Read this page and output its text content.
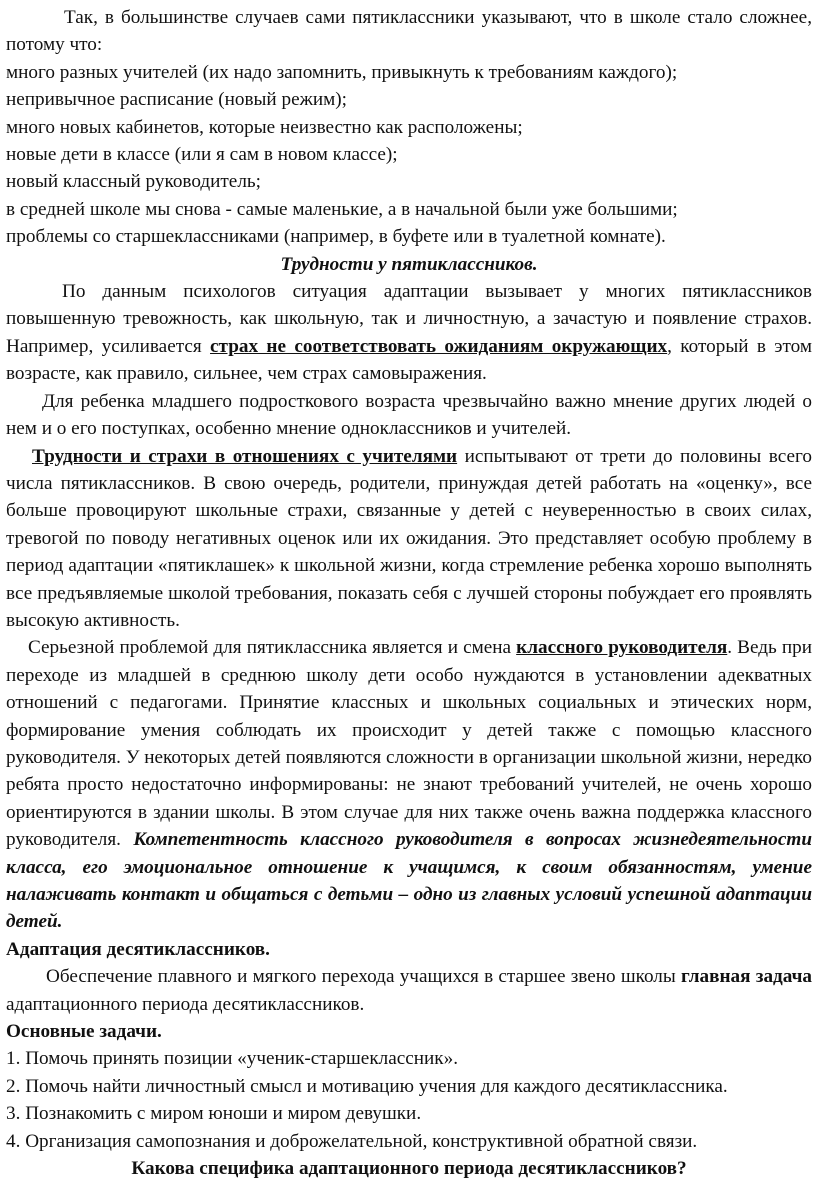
Так, в большинстве случаев сами пятиклассники указывают, что в школе стало сложнее, потому что:

много разных учителей (их надо запомнить, привыкнуть к требованиям каждого);

непривычное расписание (новый режим);

много новых кабинетов, которые неизвестно как расположены;

новые дети в классе (или я сам в новом классе);

новый классный руководитель;

в средней школе мы снова - самые маленькие, а в начальной были уже большими;

проблемы со старшеклассниками (например, в буфете или в туалетной комнате).

Трудности у пятиклассников.

По данным психологов ситуация адаптации вызывает у многих пятиклассников повышенную тревожность, как школьную, так и личностную, а зачастую и появление страхов. Например, усиливается страх не соответствовать ожиданиям окружающих, который в этом возрасте, как правило, сильнее, чем страх самовыражения.

Для ребенка младшего подросткового возраста чрезвычайно важно мнение других людей о нем и о его поступках, особенно мнение одноклассников и учителей.

Трудности и страхи в отношениях с учителями испытывают от трети до половины всего числа пятиклассников. В свою очередь, родители, принуждая детей работать на «оценку», все больше провоцируют школьные страхи, связанные у детей с неуверенностью в своих силах, тревогой по поводу негативных оценок или их ожидания. Это представляет особую проблему в период адаптации «пятиклашек» к школьной жизни, когда стремление ребенка хорошо выполнять все предъявляемые школой требования, показать себя с лучшей стороны побуждает его проявлять высокую активность.

Серьезной проблемой для пятиклассника является и смена классного руководителя. Ведь при переходе из младшей в среднюю школу дети особо нуждаются в установлении адекватных отношений с педагогами. Принятие классных и школьных социальных и этических норм, формирование умения соблюдать их происходит у детей также с помощью классного руководителя. У некоторых детей появляются сложности в организации школьной жизни, нередко ребята просто недостаточно информированы: не знают требований учителей, не очень хорошо ориентируются в здании школы. В этом случае для них также очень важна поддержка классного руководителя. Компетентность классного руководителя в вопросах жизнедеятельности класса, его эмоциональное отношение к учащимся, к своим обязанностям, умение налаживать контакт и общаться с детьми – одно из главных условий успешной адаптации детей.

Адаптация десятиклассников.

Обеспечение плавного и мягкого перехода учащихся в старшее звено школы главная задача адаптационного периода десятиклассников.

Основные задачи.

1. Помочь принять позиции «ученик-старшеклассник».

2. Помочь найти личностный смысл и мотивацию учения для каждого десятиклассника.

3. Познакомить с миром юноши и миром девушки.

4. Организация самопознания и доброжелательной, конструктивной обратной связи.

Какова специфика адаптационного периода десятиклассников?
